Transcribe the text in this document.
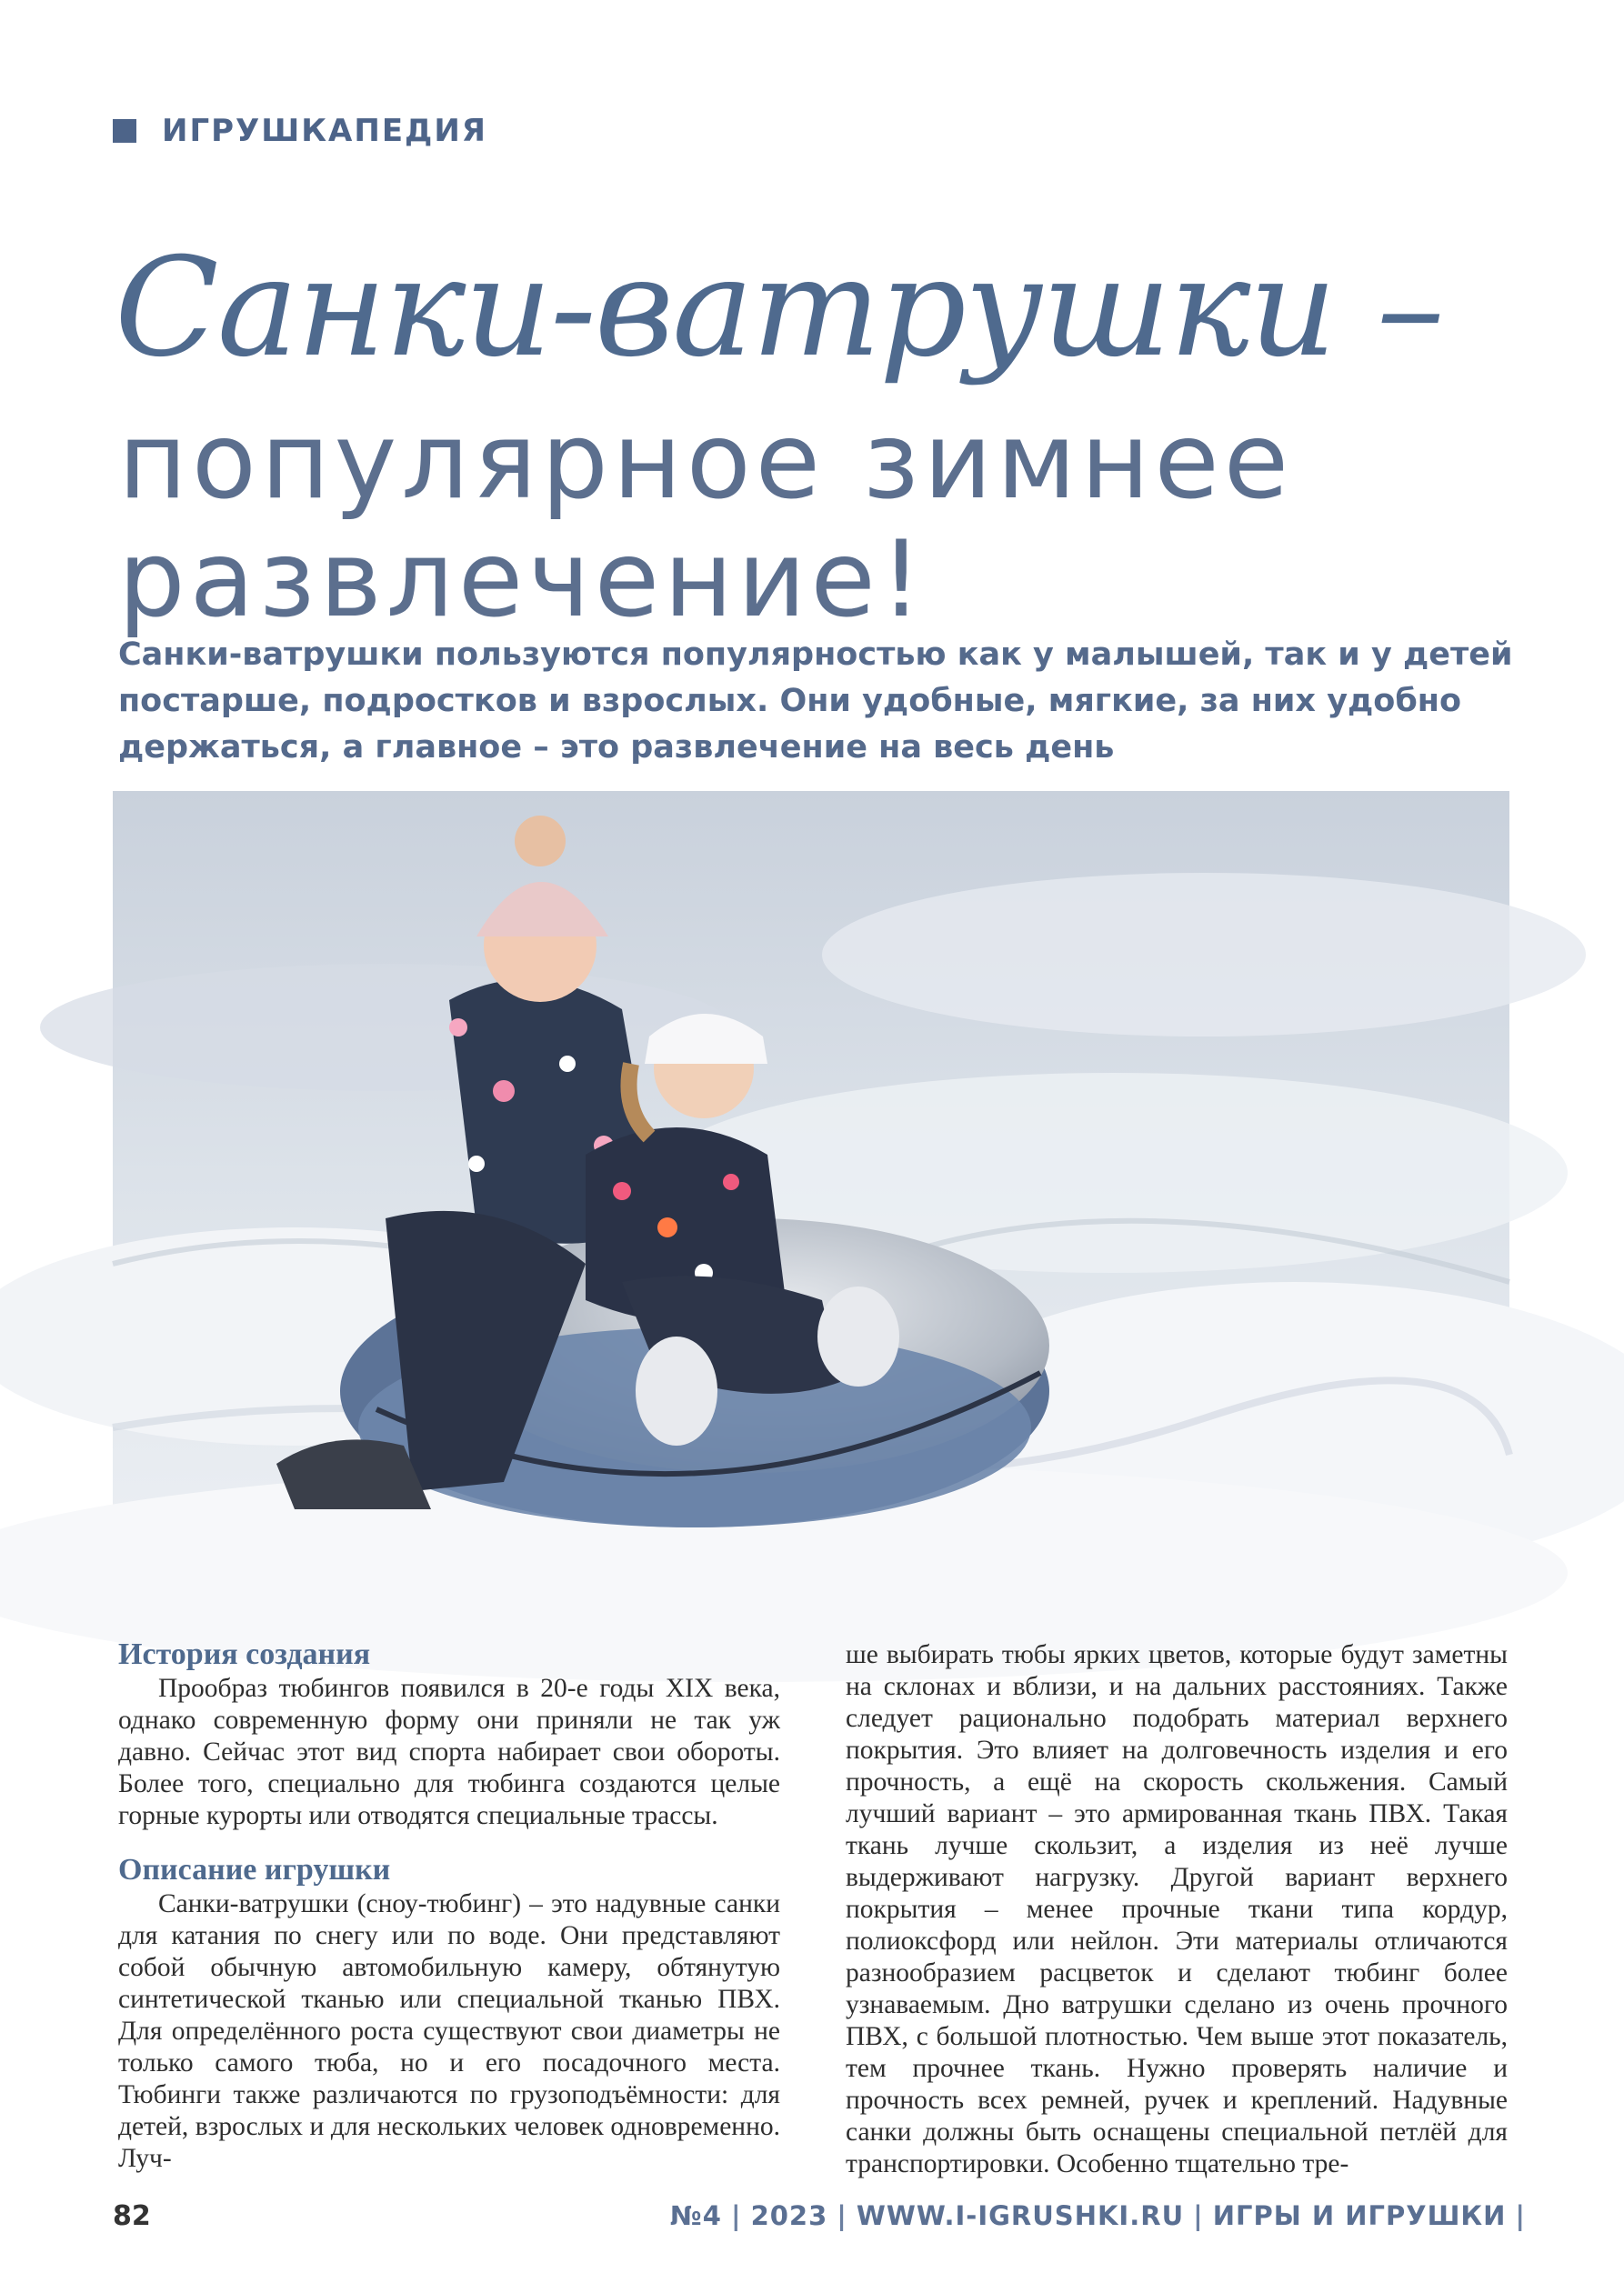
ИГРУШКАПЕДИЯ
Санки-ватрушки –
популярное зимнее
развлечение!
Санки-ватрушки пользуются популярностью как у малышей, так и у детей постарше, подростков и взрослых. Они удобные, мягкие, за них удобно держаться, а главное – это развлечение на весь день
История создания

Прообраз тюбингов появился в 20-е годы XIX века, однако современную форму они приняли не так уж давно. Сейчас этот вид спорта набирает свои обороты. Более того, специально для тюбинга создаются целые горные курорты или отводятся специальные трассы.

Описание игрушки

Санки-ватрушки (сноу-тюбинг) – это надувные санки для катания по снегу или по воде. Они представляют собой обычную автомобильную камеру, обтянутую синтетической тканью или специальной тканью ПВХ. Для определённого роста существуют свои диаметры не только самого тюба, но и его посадочного места. Тюбинги также различаются по грузоподъёмности: для детей, взрослых и для нескольких человек одновременно. Луч-

ше выбирать тюбы ярких цветов, которые будут заметны на склонах и вблизи, и на дальних расстояниях. Также следует рационально подобрать материал верхнего покрытия. Это влияет на долговечность изделия и его прочность, а ещё на скорость скольжения. Самый лучший вариант – это армированная ткань ПВХ. Такая ткань лучше скользит, а изделия из неё лучше выдерживают нагрузку. Другой вариант верхнего покрытия – менее прочные ткани типа кордур, полиоксфорд или нейлон. Эти материалы отличаются разнообразием расцветок и сделают тюбинг более узнаваемым. Дно ватрушки сделано из очень прочного ПВХ, с большой плотностью. Чем выше этот показатель, тем прочнее ткань. Нужно проверять наличие и прочность всех ремней, ручек и креплений. Надувные санки должны быть оснащены специальной петлёй для транспортировки. Особенно тщательно тре-

82	№4 | 2023 | WWW.I-IGRUSHKI.RU | ИГРЫ И ИГРУШКИ |
